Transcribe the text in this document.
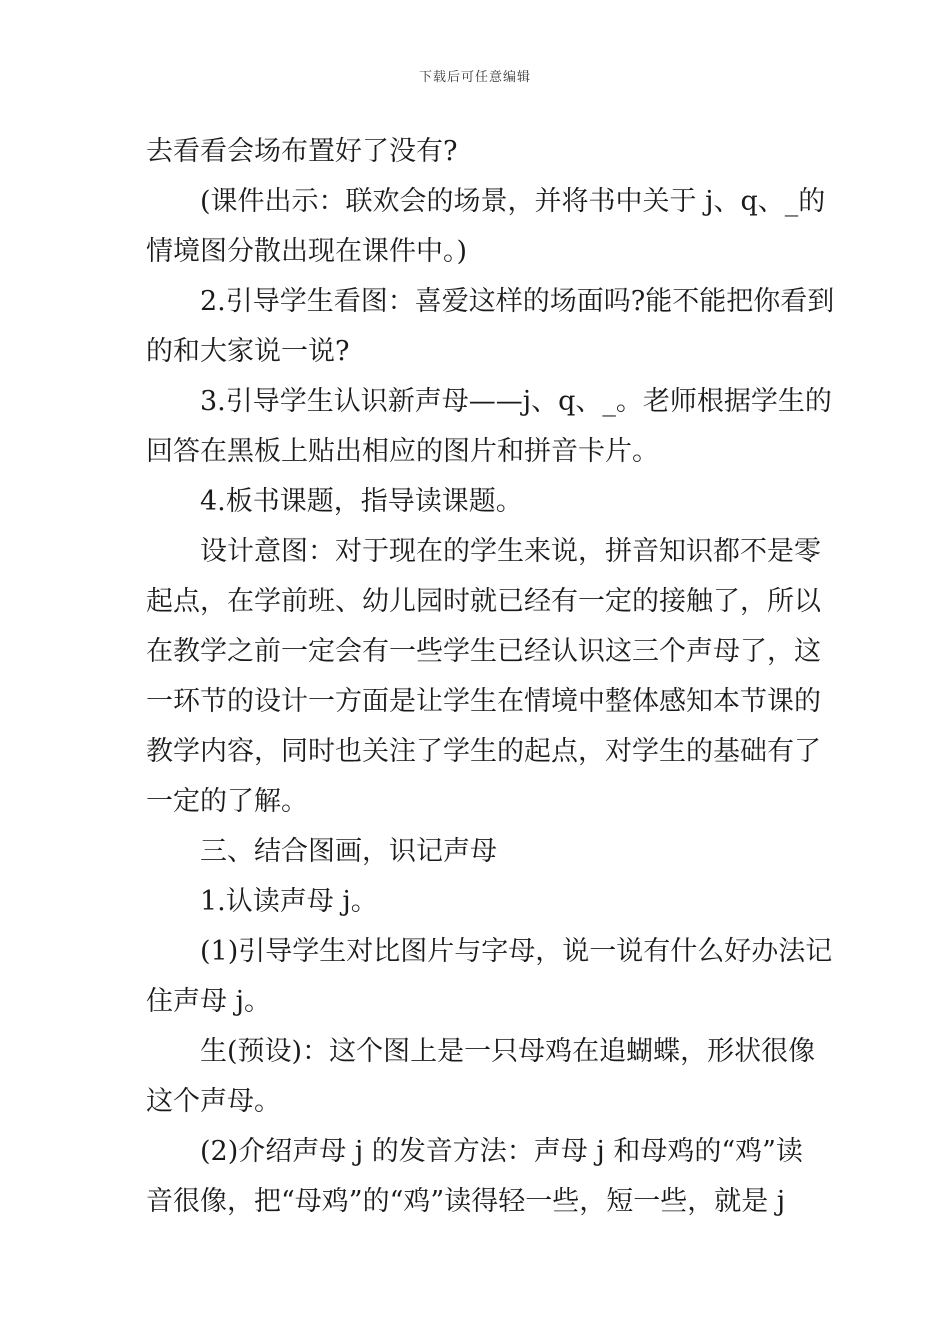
下载后可任意编辑
去看看会场布置好了没有?
(课件出示：联欢会的场景，并将书中关于 j、q、_的
情境图分散出现在课件中。)
2.引导学生看图：喜爱这样的场面吗?能不能把你看到
的和大家说一说?
3.引导学生认识新声母——j、q、_。老师根据学生的
回答在黑板上贴出相应的图片和拼音卡片。
4.板书课题，指导读课题。
设计意图：对于现在的学生来说，拼音知识都不是零
起点，在学前班、幼儿园时就已经有一定的接触了，所以
在教学之前一定会有一些学生已经认识这三个声母了，这
一环节的设计一方面是让学生在情境中整体感知本节课的
教学内容，同时也关注了学生的起点，对学生的基础有了
一定的了解。
三、结合图画，识记声母
1.认读声母 j。
(1)引导学生对比图片与字母，说一说有什么好办法记
住声母 j。
生(预设)：这个图上是一只母鸡在追蝴蝶，形状很像
这个声母。
(2)介绍声母 j 的发音方法：声母 j 和母鸡的“鸡”读
音很像，把“母鸡”的“鸡”读得轻一些，短一些，就是 j
